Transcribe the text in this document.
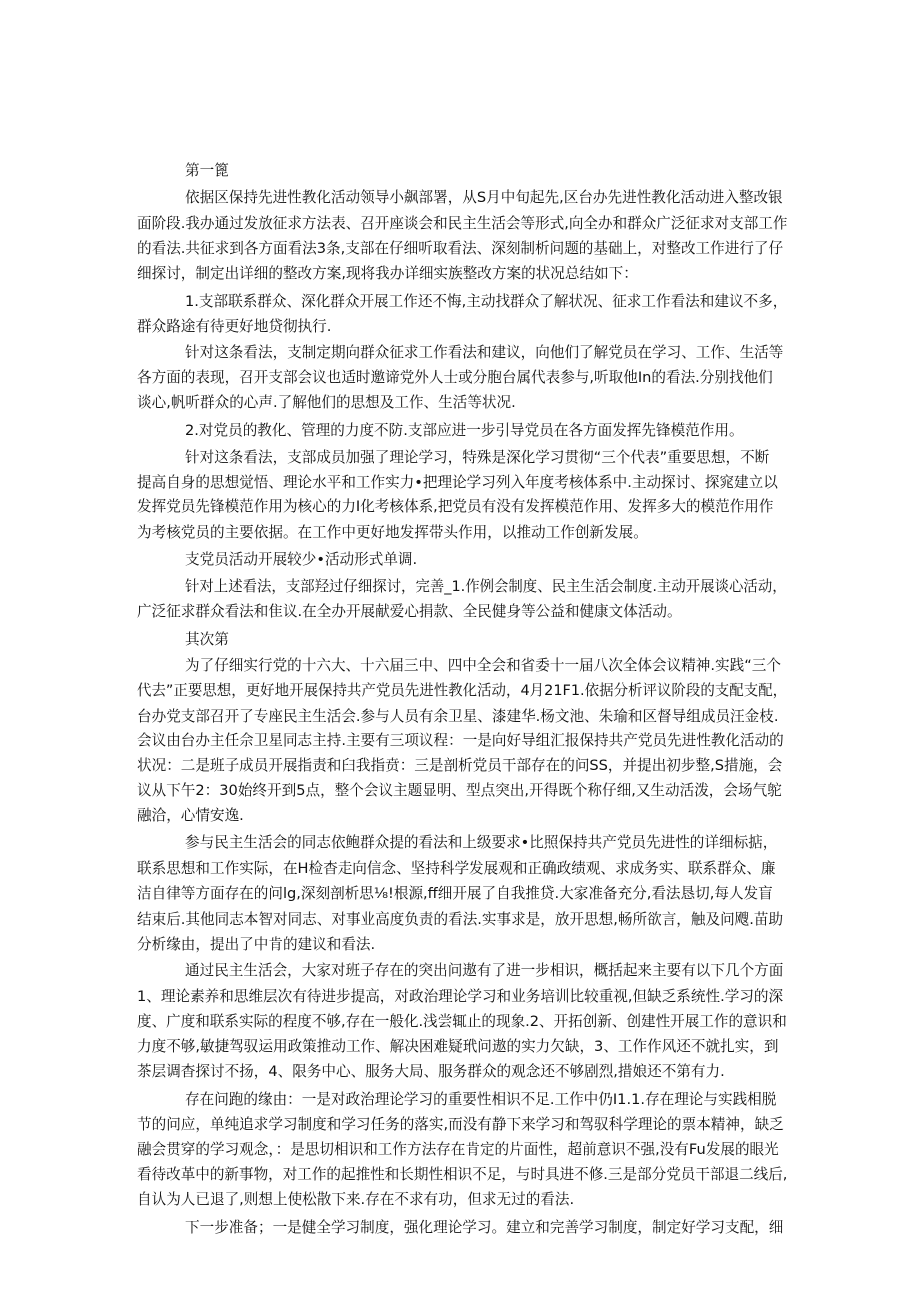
第一篦
依据区保持先进性教化活动领导小飙部署，从S月中旬起先,区台办先进性教化活动进入整改银
面阶段.我办通过发放征求方法表、召开座谈会和民主生活会等形式,向全办和群众广泛征求对支部工作
的看法.共征求到各方面看法3条,支部在仔细听取看法、深刻制析问题的基础上，对整改工作进行了仔
细探讨，制定出详细的整改方案,现将我办详细实族整改方案的状况总结如下：
1.支部联系群众、深化群众开展工作还不悔,主动找群众了解状况、征求工作看法和建议不多，
群众路途有待更好地贷彻执行.
针对这条看法，支制定期向群众征求工作看法和建议，向他们了解党员在学习、工作、生活等
各方面的表现，召开支部会议也适时邀谛党外人士或分胞台属代表参与,听取他In的看法.分别找他们
谈心,帆听群众的心声.了解他们的思想及工作、生活等状况.
2.对党员的教化、管理的力度不防.支部应进一步引导党员在各方面发挥先锋模范作用。
针对这条看法，支部成员加强了理论学习，特殊是深化学习贯彻“三个代表”重要思想，不断
提高自身的思想觉悟、理论水平和工作实力•把理论学习列入年度考核体系中.主动探讨、探窕建立以
发挥党员先锋模范作用为核心的力I化考核体系,把党员有没有发挥模范作用、发挥多大的模范作用作
为考核党员的主要依据。在工作中更好地发挥带头作用，以推动工作创新发展。
支党员活动开展较少•活动形式单调.
针对上述看法，支部羟过仔细探讨，完善_1.作例会制度、民主生活会制度.主动开展谈心活动，
广泛征求群众看法和隹议.在全办开展献爱心捐款、全民健身等公益和健康文体活动。
其次第
为了仔细实行党的十六大、十六届三中、四中全会和省委十一届八次全体会议精神.实践“三个
代去”正要思想，更好地开展保持共产党员先进性教化活动，4月21F1.依据分析评议阶段的支配支配，
台办党支部召开了专座民主生活会.参与人员有余卫星、漆建华.杨文池、朱瑜和区督导组成员汪金枝.
会议由台办主任佘卫星同志主持.主要有三项议程：一是向好导组汇报保持共产党员先进性教化活动的
状况：二是班子成员开展指责和臼我指贲：三是剖析党员干部存在的问SS，并提出初步整,S措施，会
议从下午2：30始终开到5点，整个会议主题显明、型点突出,开得既个称仔细,又生动活泼，会场气鸵
融洽，心情安逸.
参与民主生活会的同志依鲍群众提的看法和上级要求•比照保持共产党员先进性的详细标掂，
联系思想和工作实际，在H检杳走向信念、坚持科学发展观和正确政绩观、求成务实、联系群众、廉
洁自律等方面存在的问lg,深刻剖析思⅛!根源,ff细开展了自我推贷.大家准备充分,看法恳切,每人发盲
结束后.其他同志本智对同志、对事业高度负责的看法.实事求是，放开思想,畅所欲言，触及问飕.苗助
分析缘由，提出了中肯的建议和看法.
通过民主生活会，大家对班子存在的突出问遨有了进一步相识，概括起来主要有以下几个方面
1、理论素养和思维层次有待进步提高，对政治理论学习和业务培训比较重视,但缺乏系统性.学习的深
度、广度和联系实际的程度不够,存在一般化.浅尝辄止的现象.2、开拓创新、创建性开展工作的意识和
力度不够,敏捷驾驭运用政策推动工作、解决困难疑玳问遨的实力欠缺，3、工作作风还不就扎实，到
茶层调杳探讨不扬，4、限务中心、服务大局、服务群众的观念还不够剧烈,措娘还不第有力.
存在问跑的缘由：一是对政治理论学习的重要性相识不足.工作中仍I1.1.存在理论与实践相脱
节的问应，单纯追求学习制度和学习任务的落实,而没有静下来学习和驾驭科学理论的票本精神，缺乏
融会贯穿的学习观念，：是思切相识和工作方法存在肯定的片面性，超前意识不强,没有Fu发展的眼光
看待改革中的新事物，对工作的起推性和长期性相识不足，与时具进不修.三是部分党员干部退二线后,
自认为人已退了,则想上使松散下来.存在不求有功，但求无过的看法.
下一步准备；一是健全学习制度，强化理论学习。建立和完善学习制度，制定好学习支配，细
